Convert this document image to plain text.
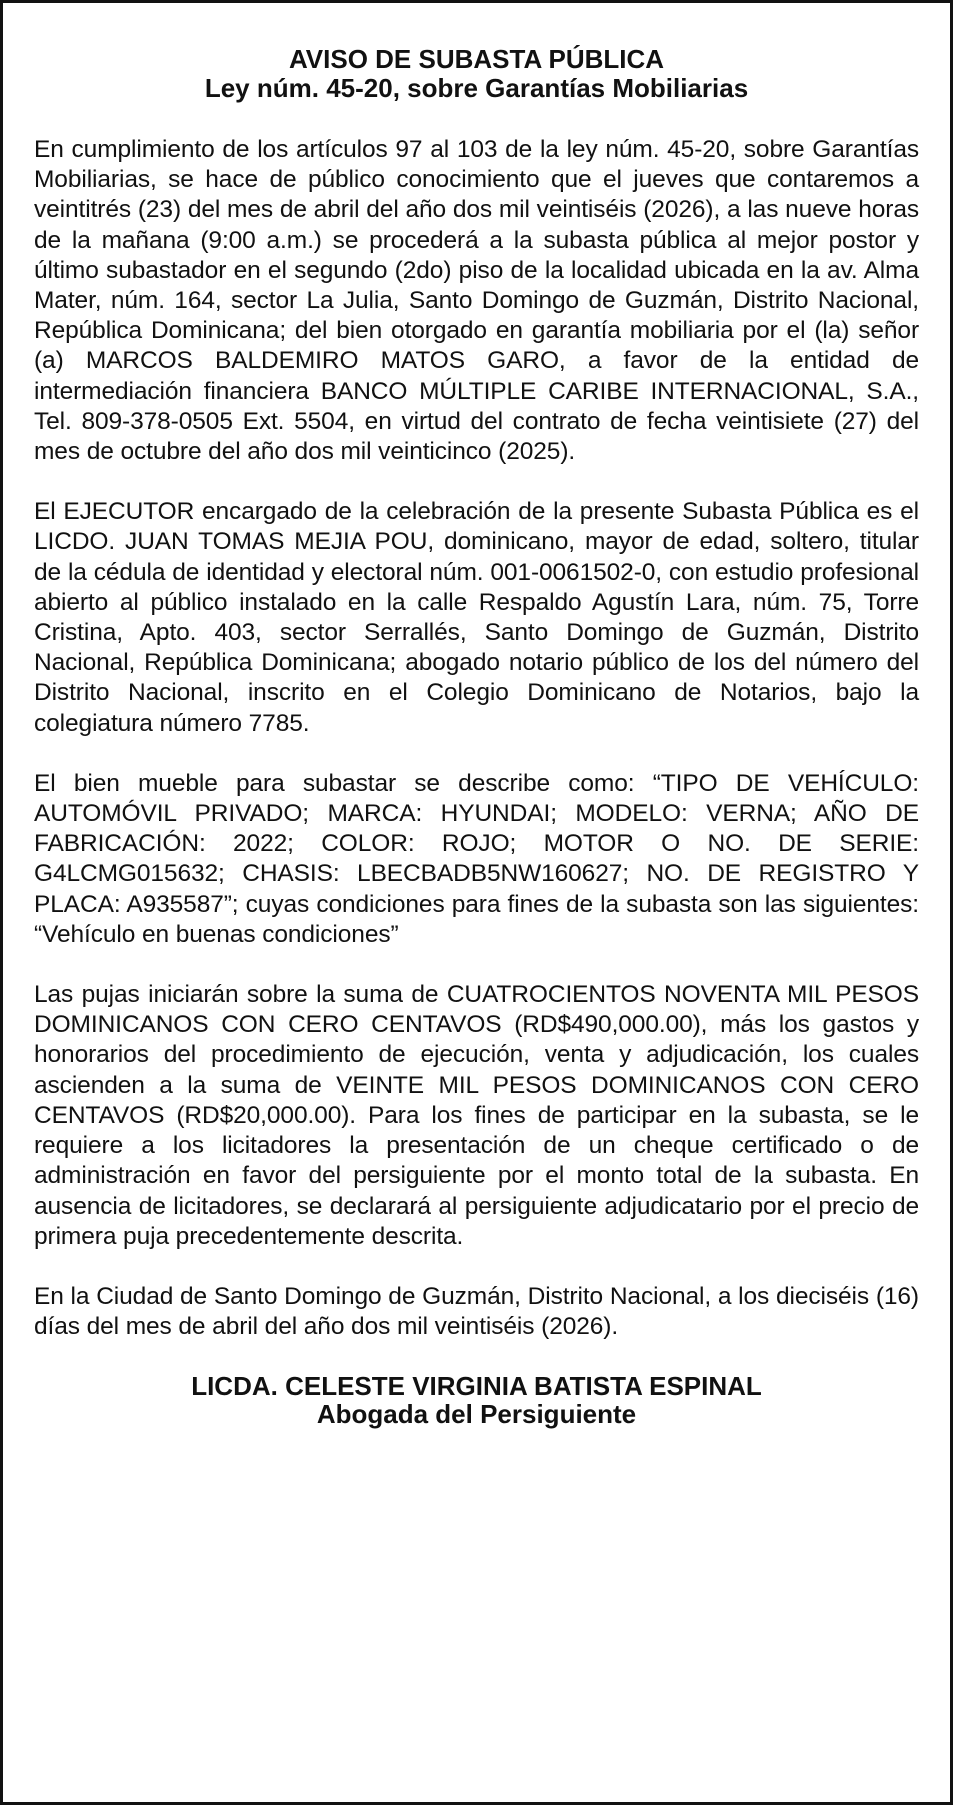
AVISO DE SUBASTA PÚBLICA
Ley núm. 45-20, sobre Garantías Mobiliarias

En cumplimiento de los artículos 97 al 103 de la ley núm. 45-20, sobre Garantías Mobiliarias, se hace de público conocimiento que el jueves que contaremos a veintitrés (23) del mes de abril del año dos mil veintiséis (2026), a las nueve horas de la mañana (9:00 a.m.) se procederá a la subasta pública al mejor postor y último subastador en el segundo (2do) piso de la localidad ubicada en la av. Alma Mater, núm. 164, sector La Julia, Santo Domingo de Guzmán, Distrito Nacional, República Dominicana; del bien otorgado en garantía mobiliaria por el (la) señor (a) MARCOS BALDEMIRO MATOS GARO, a favor de la entidad de intermediación financiera BANCO MÚLTIPLE CARIBE INTERNACIONAL, S.A., Tel. 809-378-0505 Ext. 5504, en virtud del contrato de fecha veintisiete (27) del mes de octubre del año dos mil veinticinco (2025).

El EJECUTOR encargado de la celebración de la presente Subasta Pública es el LICDO. JUAN TOMAS MEJIA POU, dominicano, mayor de edad, soltero, titular de la cédula de identidad y electoral núm. 001-0061502-0, con estudio profesional abierto al público instalado en la calle Respaldo Agustín Lara, núm. 75, Torre Cristina, Apto. 403, sector Serrallés, Santo Domingo de Guzmán, Distrito Nacional, República Dominicana; abogado notario público de los del número del Distrito Nacional, inscrito en el Colegio Dominicano de Notarios, bajo la colegiatura número 7785.

El bien mueble para subastar se describe como: “TIPO DE VEHÍCULO: AUTOMÓVIL PRIVADO; MARCA: HYUNDAI; MODELO: VERNA; AÑO DE FABRICACIÓN: 2022; COLOR: ROJO; MOTOR O NO. DE SERIE: G4LCMG015632; CHASIS: LBECBADB5NW160627; NO. DE REGISTRO Y PLACA: A935587”; cuyas condiciones para fines de la subasta son las siguientes: “Vehículo en buenas condiciones”

Las pujas iniciarán sobre la suma de CUATROCIENTOS NOVENTA MIL PESOS DOMINICANOS CON CERO CENTAVOS (RD$490,000.00), más los gastos y honorarios del procedimiento de ejecución, venta y adjudicación, los cuales ascienden a la suma de VEINTE MIL PESOS DOMINICANOS CON CERO CENTAVOS (RD$20,000.00). Para los fines de participar en la subasta, se le requiere a los licitadores la presentación de un cheque certificado o de administración en favor del persiguiente por el monto total de la subasta. En ausencia de licitadores, se declarará al persiguiente adjudicatario por el precio de primera puja precedentemente descrita.

En la Ciudad de Santo Domingo de Guzmán, Distrito Nacional, a los dieciséis (16) días del mes de abril del año dos mil veintiséis (2026).

LICDA. CELESTE VIRGINIA BATISTA ESPINAL
Abogada del Persiguiente
